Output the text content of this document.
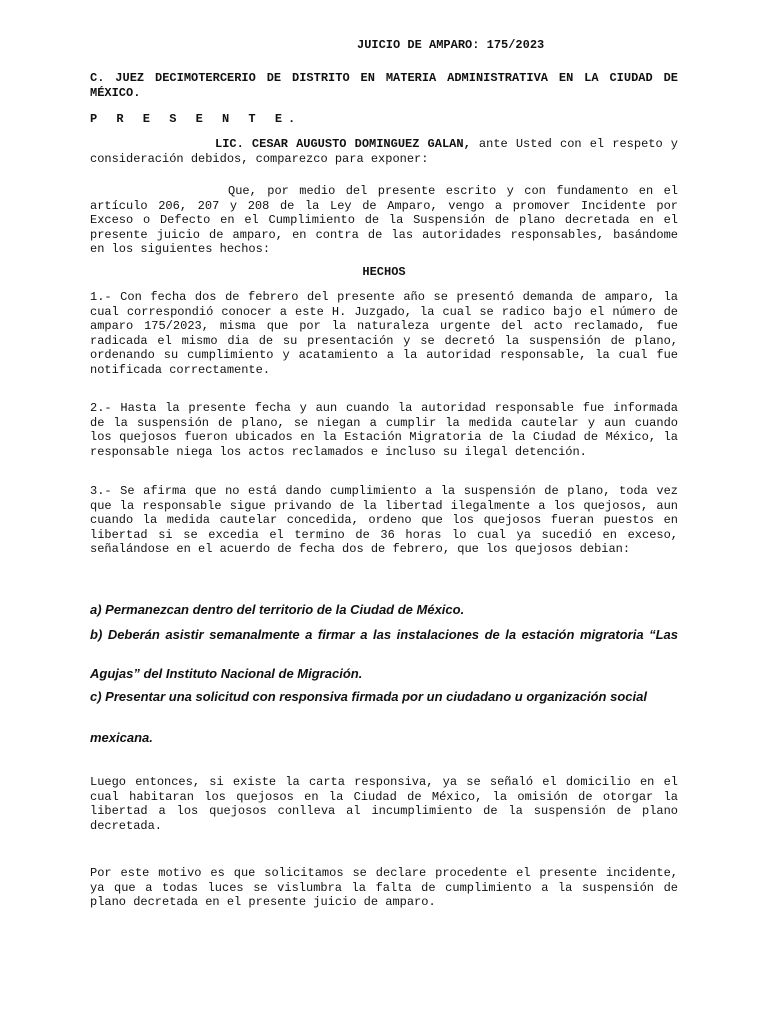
JUICIO DE AMPARO: 175/2023

C. JUEZ DECIMOTERCERIO DE DISTRITO EN MATERIA ADMINISTRATIVA EN LA CIUDAD DE MÉXICO.

P R E S E N T E.

LIC. CESAR AUGUSTO DOMINGUEZ GALAN, ante Usted con el respeto y consideración debidos, comparezco para exponer:

Que, por medio del presente escrito y con fundamento en el artículo 206, 207 y 208 de la Ley de Amparo, vengo a promover Incidente por Exceso o Defecto en el Cumplimiento de la Suspensión de plano decretada en el presente juicio de amparo, en contra de las autoridades responsables, basándome en los siguientes hechos:

HECHOS

1.- Con fecha dos de febrero del presente año se presentó demanda de amparo, la cual correspondió conocer a este H. Juzgado, la cual se radico bajo el número de amparo 175/2023, misma que por la naturaleza urgente del acto reclamado, fue radicada el mismo dia de su presentación y se decretó la suspensión de plano, ordenando su cumplimiento y acatamiento a la autoridad responsable, la cual fue notificada correctamente.

2.- Hasta la presente fecha y aun cuando la autoridad responsable fue informada de la suspensión de plano, se niegan a cumplir la medida cautelar y aun cuando los quejosos fueron ubicados en la Estación Migratoria de la Ciudad de México, la responsable niega los actos reclamados e incluso su ilegal detención.

3.- Se afirma que no está dando cumplimiento a la suspensión de plano, toda vez que la responsable sigue privando de la libertad ilegalmente a los quejosos, aun cuando la medida cautelar concedida, ordeno que los quejosos fueran puestos en libertad si se excedia el termino de 36 horas lo cual ya sucedió en exceso, señalándose en el acuerdo de fecha dos de febrero, que los quejosos debian:

a) Permanezcan dentro del territorio de la Ciudad de México.

b) Deberán asistir semanalmente a firmar a las instalaciones de la estación migratoria “Las

Agujas” del Instituto Nacional de Migración.

c) Presentar una solicitud con responsiva firmada por un ciudadano u organización social

mexicana.

Luego entonces, si existe la carta responsiva, ya se señaló el domicilio en el cual habitaran los quejosos en la Ciudad de México, la omisión de otorgar la libertad a los quejosos conlleva al incumplimiento de la suspensión de plano decretada.

Por este motivo es que solicitamos se declare procedente el presente incidente, ya que a todas luces se vislumbra la falta de cumplimiento a la suspensión de plano decretada en el presente juicio de amparo.
